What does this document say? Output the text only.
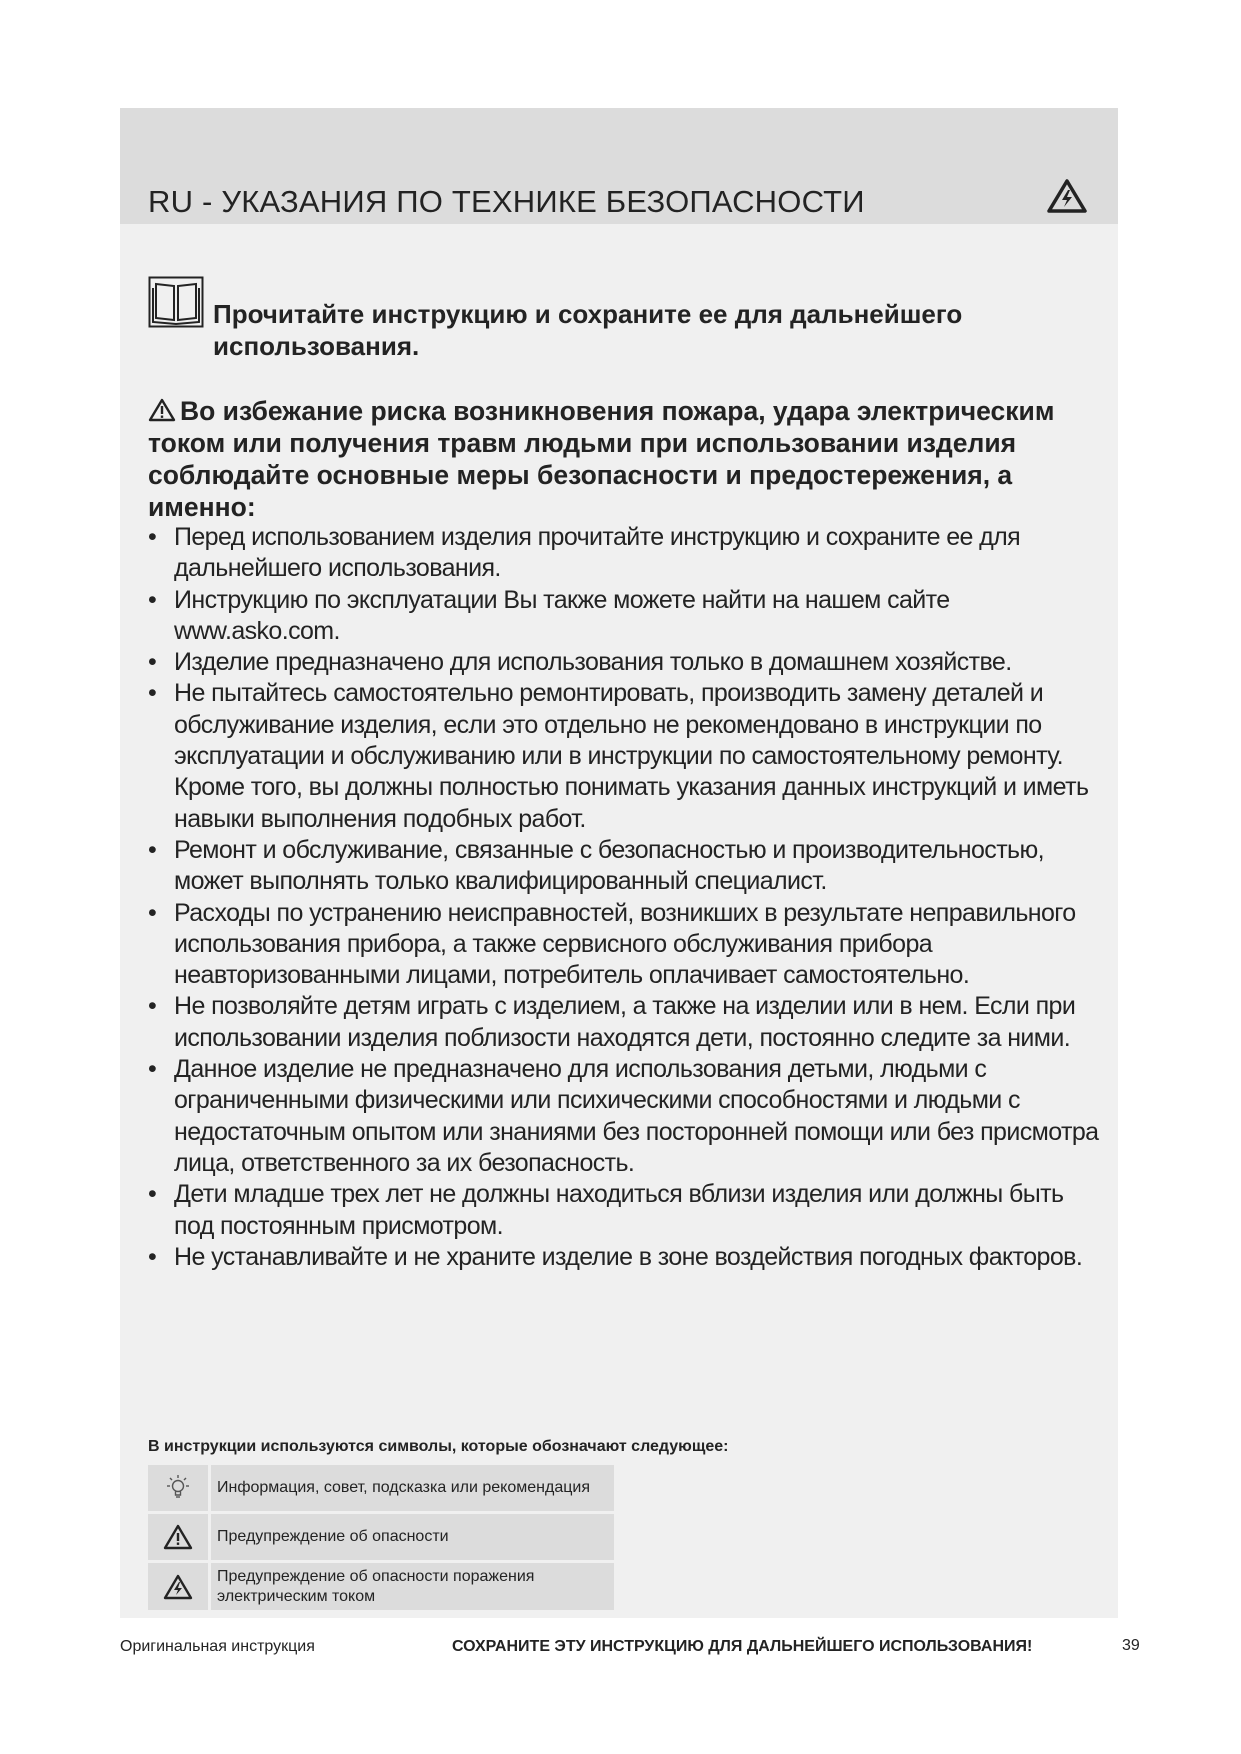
RU - УКАЗАНИЯ ПО ТЕХНИКЕ БЕЗОПАСНОСТИ
Прочитайте инструкцию и сохраните ее для дальнейшего использования.
Во избежание риска возникновения пожара, удара электрическим током или получения травм людьми при использовании изделия соблюдайте основные меры безопасности и предостережения, а именно:
• Перед использованием изделия прочитайте инструкцию и сохраните ее для дальнейшего использования.
• Инструкцию по эксплуатации Вы также можете найти на нашем сайте www.asko.com.
• Изделие предназначено для использования только в домашнем хозяйстве.
• Не пытайтесь самостоятельно ремонтировать, производить замену деталей и обслуживание изделия, если это отдельно не рекомендовано в инструкции по эксплуатации и обслуживанию или в инструкции по самостоятельному ремонту. Кроме того, вы должны полностью понимать указания данных инструкций и иметь навыки выполнения подобных работ.
• Ремонт и обслуживание, связанные с безопасностью и производительностью, может выполнять только квалифицированный специалист.
• Расходы по устранению неисправностей, возникших в результате неправильного использования прибора, а также сервисного обслуживания прибора неавторизованными лицами, потребитель оплачивает самостоятельно.
• Не позволяйте детям играть с изделием, а также на изделии или в нем. Если при использовании изделия поблизости находятся дети, постоянно следите за ними.
• Данное изделие не предназначено для использования детьми, людьми с ограниченными физическими или психическими способностями и людьми с недостаточным опытом или знаниями без посторонней помощи или без присмотра лица, ответственного за их безопасность.
• Дети младше трех лет не должны находиться вблизи изделия или должны быть под постоянным присмотром.
• Не устанавливайте и не храните изделие в зоне воздействия погодных факторов.
В инструкции используются символы, которые обозначают следующее:
Информация, совет, подсказка или рекомендация
Предупреждение об опасности
Предупреждение об опасности поражения электрическим током
Оригинальная инструкция	СОХРАНИТЕ ЭТУ ИНСТРУКЦИЮ ДЛЯ ДАЛЬНЕЙШЕГО ИСПОЛЬЗОВАНИЯ!	39
